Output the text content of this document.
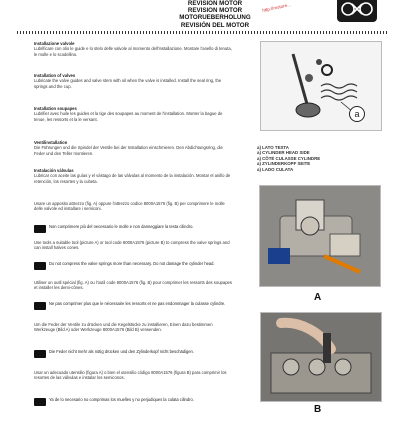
REVISION MOTOR
REVISION MOTOR
MOTORUEBERHOLUNG
REVISIÓN DEL MOTOR
http://motore...
Installazione valvole
Lubrificare con olio le guide e lo stelo delle valvole al momento dell'installazione. Montare l'anello di tenuta, le molle e lo scodellino.
Installation of valves
Lubricate the valve guides and valve stem with oil when the valve is installed. Install the seal ring, the springs and the cup.
Installation soupapes
Lubrifier avec huile les guides et la tige des soupapes au moment de l'installation. Monter la bague de tenue, les ressorts et la le versant.
Ventilinstallation
Die Führungen und die Spindel der Ventile bei der Installation einschmieren. Den Abdichtungsring, die Feder und den Teller montieren.
Instalación válvulas
Lubricar con aceite las guías y el vástago de las válvulas al momento de la instalación. Montar el anillo de retención, los resortes y la cubeta.
Usare un apposito attrezzo (fig. A) oppure l'attrezzo codice 8000A1576 (fig. B) per comprimere le molle delle valvole ed installare i semiconi.
Non comprimere più del necessario le molle e non danneggiare la testa cilindro.
Use tools a suitable tool (picture A) or tool code 8000A1576 (picture B) to compress the valve springs and can install halves cones.
Do not compress the valve springs more than necessary. Do not damage the cylinder head.
Utiliser un outil spécial (fig. A) ou l'outil code 8000A1576 (fig. B) pour comprimer les ressorts des soupapes et installer les demi-cônes.
Ne pas comprimer plus que le nécessaire les ressorts et ne pas endommager la culasse cylindre.
Um die Feder der Ventile zu drücken und die Kegelstücke zu installieren, Einen dazu bestimmen Werkzeuge (Bild A) oder Werkzeuge 8000A1576 (Bild B) verwenden.
Die Feder nicht mehr als nötig drücken und den Zylinderkopf nicht beschädigen.
Usar un adecuado utensilio (figura A) o bien el utensilio código 8000A1576 (figura B) para comprimir los resortes de las válvulas e instalar los semiconos.
Ya de lo necesario no comprimas los muelles y no perjudiques la culata cilindro.
a
a) LATO TESTA
a) CYLINDER HEAD SIDE
a) CÔTÉ CULASSE CYLINDRE
a) ZYLINDERKOPF SEITE
a) LADO CULATA
A
B
